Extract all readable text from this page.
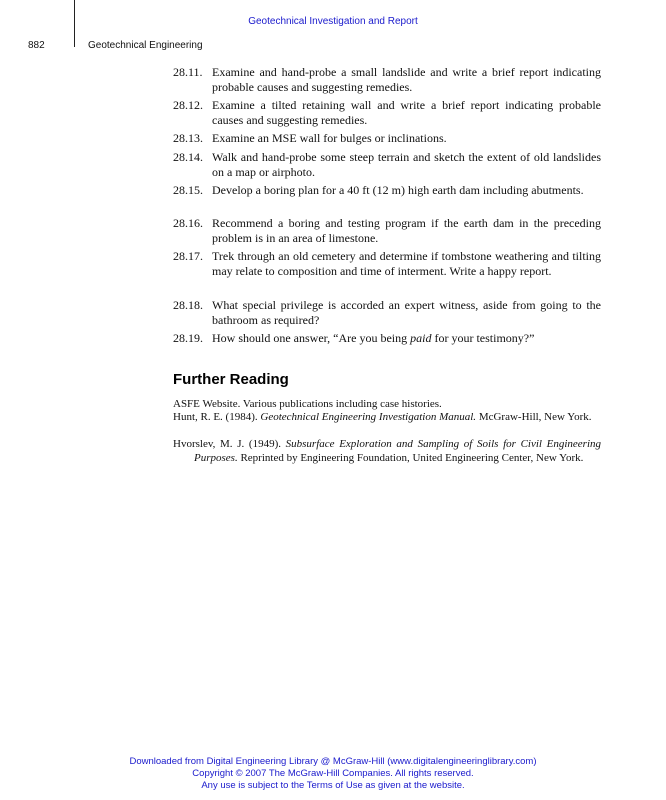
Geotechnical Investigation and Report
882	Geotechnical Engineering
28.11. Examine and hand-probe a small landslide and write a brief report indicating probable causes and suggesting remedies.
28.12. Examine a tilted retaining wall and write a brief report indicating probable causes and suggesting remedies.
28.13. Examine an MSE wall for bulges or inclinations.
28.14. Walk and hand-probe some steep terrain and sketch the extent of old landslides on a map or airphoto.
28.15. Develop a boring plan for a 40 ft (12 m) high earth dam including abutments.
28.16. Recommend a boring and testing program if the earth dam in the preceding problem is in an area of limestone.
28.17. Trek through an old cemetery and determine if tombstone weathering and tilting may relate to composition and time of interment. Write a happy report.
28.18. What special privilege is accorded an expert witness, aside from going to the bathroom as required?
28.19. How should one answer, “Are you being paid for your testimony?”
Further Reading
ASFE Website. Various publications including case histories.
Hunt, R. E. (1984). Geotechnical Engineering Investigation Manual. McGraw-Hill, New York.
Hvorslev, M. J. (1949). Subsurface Exploration and Sampling of Soils for Civil Engineering Purposes. Reprinted by Engineering Foundation, United Engineering Center, New York.
Downloaded from Digital Engineering Library @ McGraw-Hill (www.digitalengineeringlibrary.com)
Copyright © 2007 The McGraw-Hill Companies. All rights reserved.
Any use is subject to the Terms of Use as given at the website.
